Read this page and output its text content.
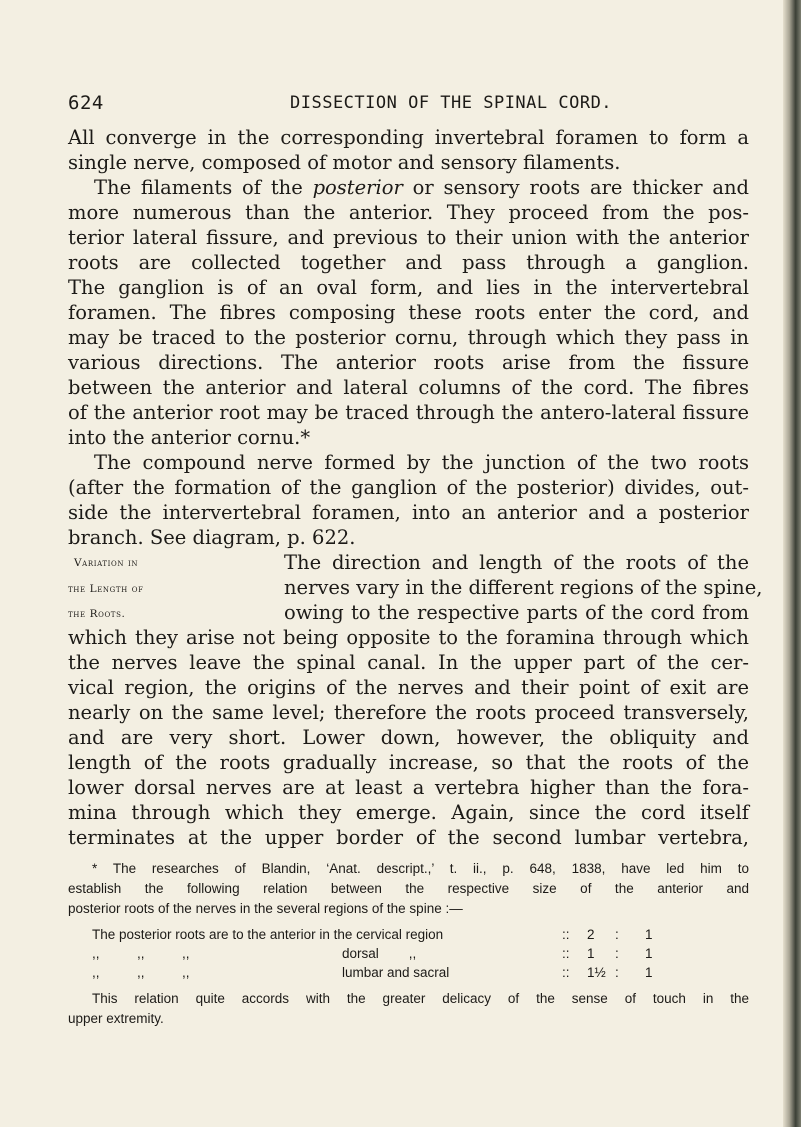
624	DISSECTION OF THE SPINAL CORD.
All converge in the corresponding invertebral foramen to form a
single nerve, composed of motor and sensory filaments.
The filaments of the posterior or sensory roots are thicker and
more numerous than the anterior. They proceed from the pos-
terior lateral fissure, and previous to their union with the anterior
roots are collected together and pass through a ganglion.
The ganglion is of an oval form, and lies in the intervertebral
foramen. The fibres composing these roots enter the cord, and
may be traced to the posterior cornu, through which they pass in
various directions. The anterior roots arise from the fissure
between the anterior and lateral columns of the cord. The fibres
of the anterior root may be traced through the antero-lateral fissure
into the anterior cornu.*
The compound nerve formed by the junction of the two roots
(after the formation of the ganglion of the posterior) divides, out-
side the intervertebral foramen, into an anterior and a posterior
branch. See diagram, p. 622.
Variation in
the Length of
the Roots.
The direction and length of the roots of the
nerves vary in the different regions of the spine,
owing to the respective parts of the cord from
which they arise not being opposite to the foramina through which
the nerves leave the spinal canal. In the upper part of the cer-
vical region, the origins of the nerves and their point of exit are
nearly on the same level; therefore the roots proceed transversely,
and are very short. Lower down, however, the obliquity and
length of the roots gradually increase, so that the roots of the
lower dorsal nerves are at least a vertebra higher than the fora-
mina through which they emerge. Again, since the cord itself
terminates at the upper border of the second lumbar vertebra,
* The researches of Blandin, ‘Anat. descript.,’ t. ii., p. 648, 1838, have led him to
establish the following relation between the respective size of the anterior and
posterior roots of the nerves in the several regions of the spine :—
The posterior roots are to the anterior in the cervical region	:: 2 : 1
,,          ,,          ,,	dorsal        ,,	:: 1 : 1
,,          ,,          ,,	lumbar and sacral	:: 1½ : 1
This relation quite accords with the greater delicacy of the sense of touch in the
upper extremity.
